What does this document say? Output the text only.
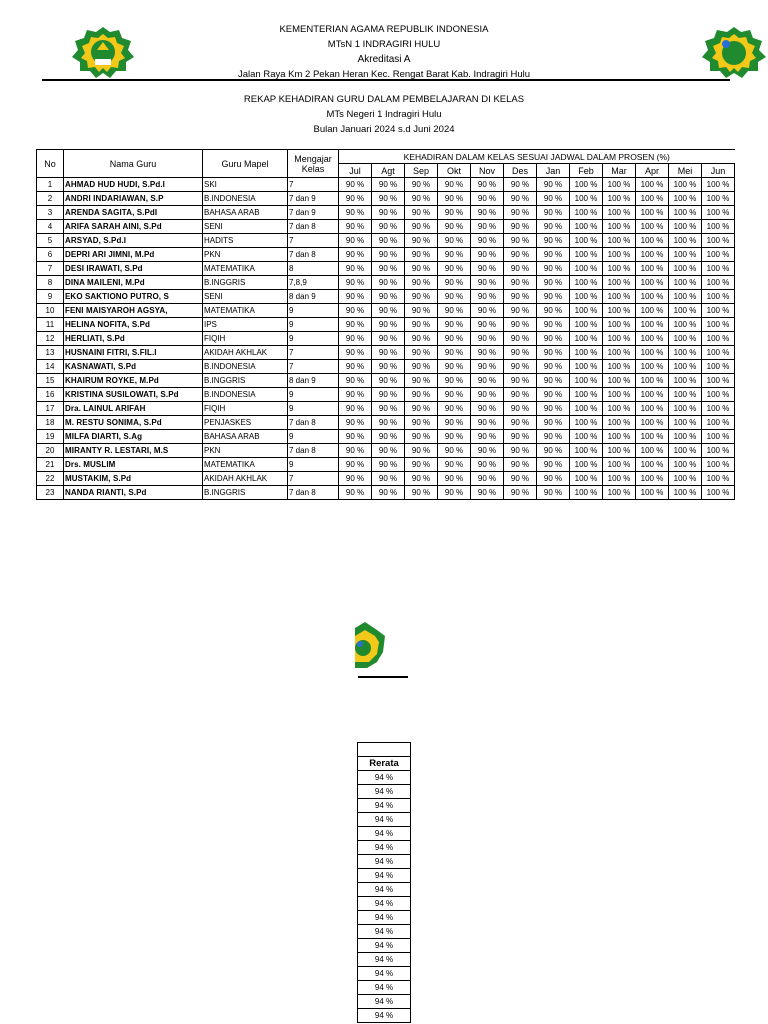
KEMENTERIAN AGAMA REPUBLIK INDONESIA
MTsN 1 INDRAGIRI HULU
Akreditasi A
Jalan Raya Km 2 Pekan Heran Kec. Rengat Barat Kab. Indragiri Hulu
REKAP KEHADIRAN GURU DALAM PEMBELAJARAN DI KELAS
MTs Negeri 1 Indragiri Hulu
Bulan Januari 2024 s.d Juni 2024
No	Nama Guru	Guru Mapel	Mengajar Kelas	KEHADIRAN DALAM KELAS SESUAI JADWAL DALAM PROSEN (%)											
				Jul	Agt	Sep	Okt	Nov	Des	Jan	Feb	Mar	Apr	Mei	Jun
1	AHMAD HUD HUDI, S.Pd.I	SKI	7	90 %	90 %	90 %	90 %	90 %	90 %	90 %	100 %	100 %	100 %	100 %	100 %
2	ANDRI INDARIAWAN, S.P	B.INDONESIA	7 dan 9	90 %	90 %	90 %	90 %	90 %	90 %	90 %	100 %	100 %	100 %	100 %	100 %
3	ARENDA SAGITA, S.PdI	BAHASA ARAB	7 dan 9	90 %	90 %	90 %	90 %	90 %	90 %	90 %	100 %	100 %	100 %	100 %	100 %
4	ARIFA SARAH AINI, S.Pd	SENI	7 dan 8	90 %	90 %	90 %	90 %	90 %	90 %	90 %	100 %	100 %	100 %	100 %	100 %
5	ARSYAD, S.Pd.I	HADITS	7	90 %	90 %	90 %	90 %	90 %	90 %	90 %	100 %	100 %	100 %	100 %	100 %
6	DEPRI ARI JIMNI, M.Pd	PKN	7 dan 8	90 %	90 %	90 %	90 %	90 %	90 %	90 %	100 %	100 %	100 %	100 %	100 %
7	DESI IRAWATI, S.Pd	MATEMATIKA	8	90 %	90 %	90 %	90 %	90 %	90 %	90 %	100 %	100 %	100 %	100 %	100 %
8	DINA MAILENI, M.Pd	B.INGGRIS	7,8,9	90 %	90 %	90 %	90 %	90 %	90 %	90 %	100 %	100 %	100 %	100 %	100 %
9	EKO SAKTIONO PUTRO, S	SENI	8 dan 9	90 %	90 %	90 %	90 %	90 %	90 %	90 %	100 %	100 %	100 %	100 %	100 %
10	FENI MAISYAROH AGSYA,	MATEMATIKA	9	90 %	90 %	90 %	90 %	90 %	90 %	90 %	100 %	100 %	100 %	100 %	100 %
11	HELINA NOFITA, S.Pd	IPS	9	90 %	90 %	90 %	90 %	90 %	90 %	90 %	100 %	100 %	100 %	100 %	100 %
12	HERLIATI, S.Pd	FIQIH	9	90 %	90 %	90 %	90 %	90 %	90 %	90 %	100 %	100 %	100 %	100 %	100 %
13	HUSNAINI FITRI, S.FIL.I	AKIDAH AKHLAK	7	90 %	90 %	90 %	90 %	90 %	90 %	90 %	100 %	100 %	100 %	100 %	100 %
14	KASNAWATI, S.Pd	B.INDONESIA	7	90 %	90 %	90 %	90 %	90 %	90 %	90 %	100 %	100 %	100 %	100 %	100 %
15	KHAIRUM ROYKE, M.Pd	B.INGGRIS	8 dan 9	90 %	90 %	90 %	90 %	90 %	90 %	90 %	100 %	100 %	100 %	100 %	100 %
16	KRISTINA SUSILOWATI, S.Pd	B.INDONESIA	9	90 %	90 %	90 %	90 %	90 %	90 %	90 %	100 %	100 %	100 %	100 %	100 %
17	Dra. LAINUL ARIFAH	FIQIH	9	90 %	90 %	90 %	90 %	90 %	90 %	90 %	100 %	100 %	100 %	100 %	100 %
18	M. RESTU SONIMA, S.Pd	PENJASKES	7 dan 8	90 %	90 %	90 %	90 %	90 %	90 %	90 %	100 %	100 %	100 %	100 %	100 %
19	MILFA DIARTI, S.Ag	BAHASA ARAB	9	90 %	90 %	90 %	90 %	90 %	90 %	90 %	100 %	100 %	100 %	100 %	100 %
20	MIRANTY R. LESTARI, M.S	PKN	7 dan 8	90 %	90 %	90 %	90 %	90 %	90 %	90 %	100 %	100 %	100 %	100 %	100 %
21	Drs. MUSLIM	MATEMATIKA	9	90 %	90 %	90 %	90 %	90 %	90 %	90 %	100 %	100 %	100 %	100 %	100 %
22	MUSTAKIM, S.Pd	AKIDAH AKHLAK	7	90 %	90 %	90 %	90 %	90 %	90 %	90 %	100 %	100 %	100 %	100 %	100 %
23	NANDA RIANTI, S.Pd	B.INGGRIS	7 dan 8	90 %	90 %	90 %	90 %	90 %	90 %	90 %	100 %	100 %	100 %	100 %	100 %

Rerata
94 %
94 %
94 %
94 %
94 %
94 %
94 %
94 %
94 %
94 %
94 %
94 %
94 %
94 %
94 %
94 %
94 %
94 %
